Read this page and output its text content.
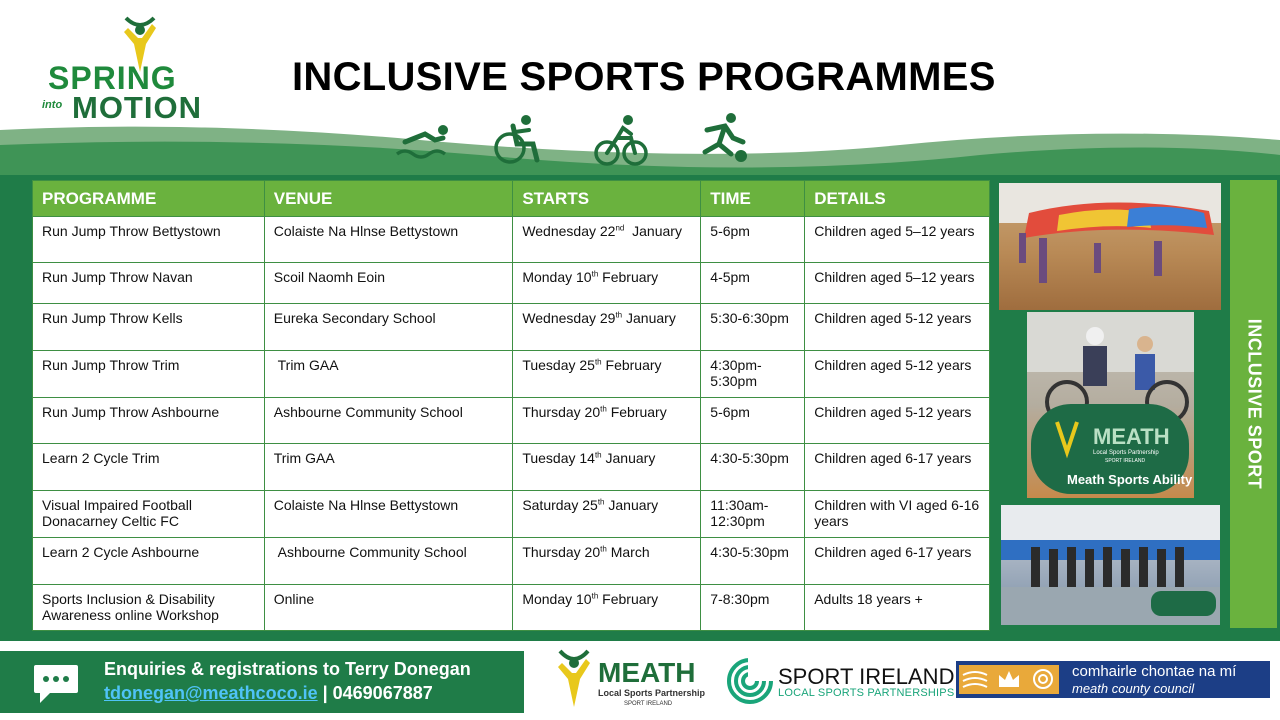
SPRING
into MOTION
INCLUSIVE SPORTS PROGRAMMES
PROGRAMME	VENUE	STARTS	TIME	DETAILS
Run Jump Throw Bettystown	Colaiste Na Hlnse Bettystown	Wednesday 22nd  January	5-6pm	Children aged 5–12 years
Run Jump Throw Navan	Scoil Naomh Eoin	Monday 10th February	4-5pm	Children aged 5–12 years
Run Jump Throw Kells	Eureka Secondary School	Wednesday 29th January	5:30-6:30pm	Children aged 5-12 years
Run Jump Throw Trim	Trim GAA	Tuesday 25th February	4:30pm-5:30pm	Children aged 5-12 years
Run Jump Throw Ashbourne	Ashbourne Community School	Thursday 20th February	5-6pm	Children aged 5-12 years
Learn 2 Cycle Trim	Trim GAA	Tuesday 14th January	4:30-5:30pm	Children aged 6-17 years
Visual Impaired Football Donacarney Celtic FC	Colaiste Na Hlnse Bettystown	Saturday 25th January	11:30am-12:30pm	Children with VI aged 6-16 years
Learn 2 Cycle Ashbourne	Ashbourne Community School	Thursday 20th March	4:30-5:30pm	Children aged 6-17 years
Sports Inclusion & Disability Awareness online Workshop	Online	Monday 10th February	7-8:30pm	Adults 18 years +
MEATH
Local Sports Partnership
SPORT IRELAND
Meath Sports Ability	INCLUSIVE SPORT
Enquiries & registrations to Terry Donegan
tdonegan@meathcoco.ie | 0469067887
MEATH
Local Sports Partnership
SPORT IRELAND
SPORT IRELAND
LOCAL SPORTS PARTNERSHIPS
comhairle chontae na mí
meath county council
